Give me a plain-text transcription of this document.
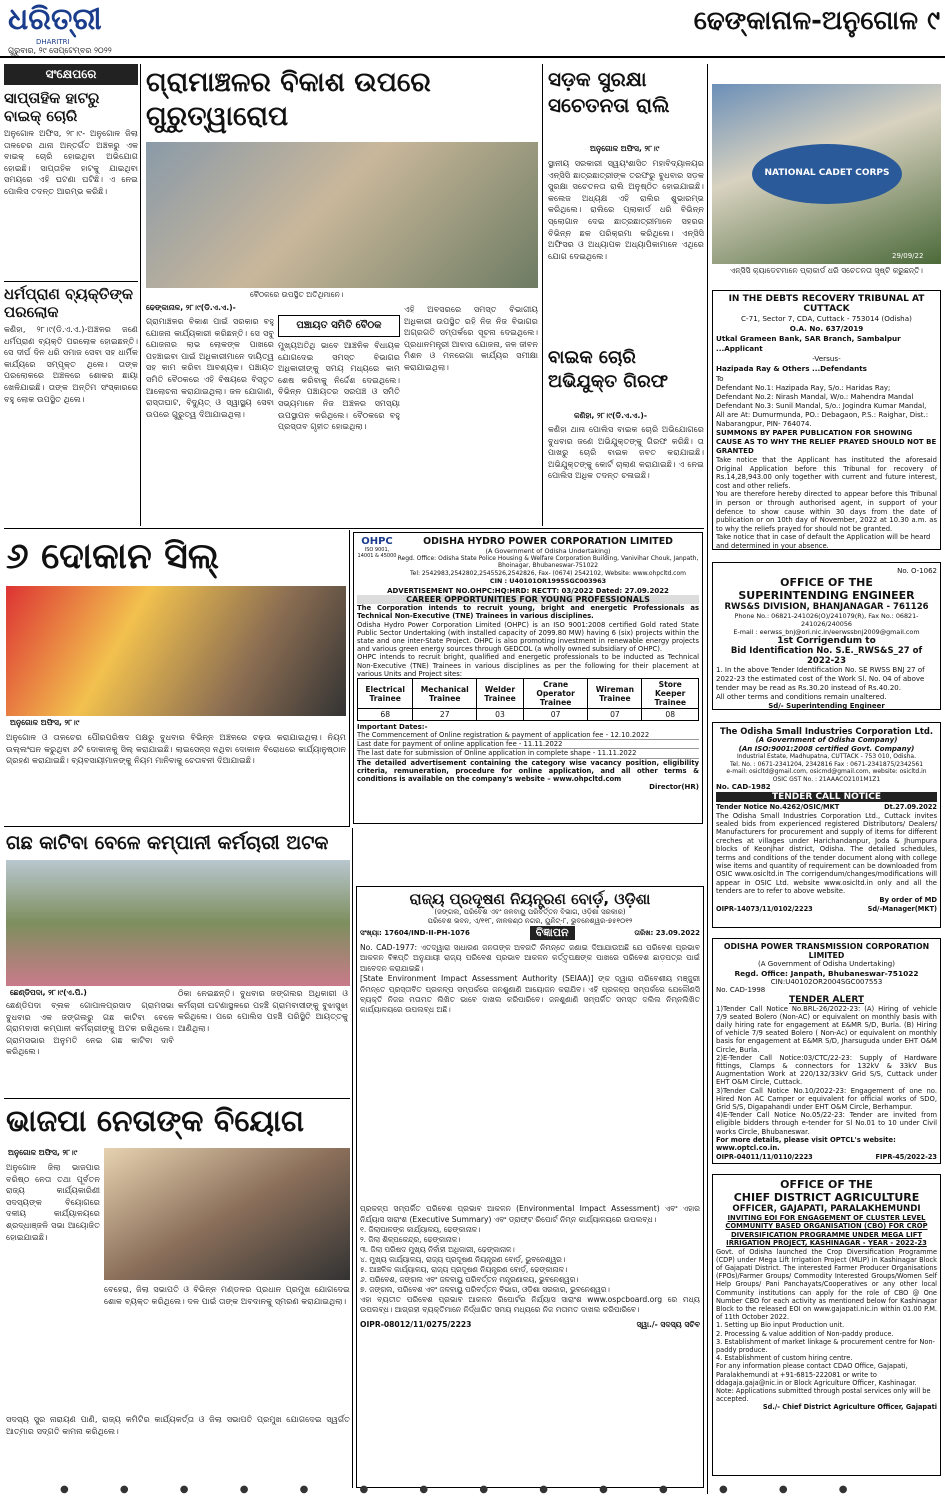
ଧରିତ୍ରୀ
DHARITRI
ଗୁରୁବାର, ୨୯ ସେପ୍ଟେମ୍ବର ୨୦୨୨
ଢେଙ୍କାନାଳ-ଅନୁଗୋଳ ୯
ସଂକ୍ଷେପରେ
ସାପ୍ତାହିକ ହାଟରୁ ବାଇକ୍ ଚୋରି
ଅନୁଗୋଳ ଅଫିସ, ୨୮।୯- ଅନୁଗୋଳ ଜିଲା ତାଳଚେର ଥାନା ଅନ୍ତର୍ଗତ ଅଞ୍ଚଳରୁ ଏକ ବାଇକ୍ ଚୋରି ହୋଇଥିବା ଅଭିଯୋଗ ହୋଇଛି। ସାପ୍ତାହିକ ହାଟକୁ ଯାଇଥିବା ସମୟରେ ଏହି ଘଟଣା ଘଟିଛି। ଏ ନେଇ ପୋଲିସ ତଦନ୍ତ ଆରମ୍ଭ କରିଛି।
ଧର୍ମପ୍ରାଣ ବ୍ୟକ୍ତିଙ୍କ ପରଲୋକ
କଣିହା, ୨୮।୯(ଡି.ଏ.ଏ.)-ଅଞ୍ଚଳର ଜଣେ ଧର୍ମପ୍ରାଣ ବ୍ୟକ୍ତି ପରଲୋକ ହୋଇଛନ୍ତି। ସେ ଦୀର୍ଘ ଦିନ ଧରି ସମାଜ ସେବା ସହ ଧାର୍ମିକ କାର୍ଯ୍ୟରେ ସମ୍ପୃକ୍ତ ଥିଲେ। ତାଙ୍କ ପରଲୋକରେ ଅଞ୍ଚଳରେ ଶୋକର ଛାୟା ଖେଳିଯାଇଛି। ତାଙ୍କ ଅନ୍ତିମ ସଂସ୍କାରରେ ବହୁ ଲୋକ ଉପସ୍ଥିତ ଥିଲେ।
ଗ୍ରାମାଞ୍ଚଳର ବିକାଶ ଉପରେ ଗୁରୁତ୍ୱାରୋପ
ବୈଠକରେ ଉପସ୍ଥିତ ଅତିଥିମାନେ।
ଢେଙ୍କାନାଳ, ୨୮।୯(ଡି.ଏ.ଏ.)-
ଗ୍ରାମାଞ୍ଚଳର ବିକାଶ ପାଇଁ ସରକାର ବହୁ ଯୋଜନା କାର୍ଯ୍ୟକାରୀ କରିଛନ୍ତି। ସେ ସବୁ ଯୋଜନାର ଲାଭ ଲୋକଙ୍କ ପାଖରେ ପହଞ୍ଚାଇବା ପାଇଁ ଅଧିକାରୀମାନେ ଦାୟିତ୍ୱ ସହ କାମ କରିବା ଆବଶ୍ୟକ। ପଞ୍ଚାୟତ ସମିତି ବୈଠକରେ ଏହି ବିଷୟରେ ବିସ୍ତୃତ ଆଲୋଚନା କରାଯାଇଥିଲା। ଜଳ ଯୋଗାଣ, ରାସ୍ତାଘାଟ, ବିଦ୍ୟୁତ୍ ଓ ସ୍ୱାସ୍ଥ୍ୟ ସେବା ଉପରେ ଗୁରୁତ୍ୱ ଦିଆଯାଇଥିଲା।
ପଞ୍ଚାୟତ ସମିତି ବୈଠକ
ମୁଖ୍ୟଅତିଥି ଭାବେ ଆଞ୍ଚଳିକ ବିଧାୟକ ଯୋଗଦେଇ ସମସ୍ତ ବିଭାଗର ଅଧିକାରୀଙ୍କୁ ସମୟ ମଧ୍ୟରେ କାମ ଶେଷ କରିବାକୁ ନିର୍ଦ୍ଦେଶ ଦେଇଥିଲେ। ବିଭିନ୍ନ ପଞ୍ଚାୟତର ସରପଞ୍ଚ ଓ ସମିତି ସଭ୍ୟମାନେ ନିଜ ଅଞ୍ଚଳର ସମସ୍ୟା ଉପସ୍ଥାପନ କରିଥିଲେ। ବୈଠକରେ ବହୁ ପ୍ରସ୍ତାବ ଗୃହୀତ ହୋଇଥିଲା।
ଏହି ଅବସରରେ ସମସ୍ତ ବିଭାଗୀୟ ଅଧିକାରୀ ଉପସ୍ଥିତ ରହି ନିଜ ନିଜ ବିଭାଗର ଅଗ୍ରଗତି ସମ୍ପର୍କରେ ସୂଚନା ଦେଇଥିଲେ। ପ୍ରଧାନମନ୍ତ୍ରୀ ଆବାସ ଯୋଜନା, ଜଳ ଜୀବନ ମିଶନ ଓ ମନରେଗା କାର୍ଯ୍ୟର ସମୀକ୍ଷା କରାଯାଇଥିଲା।
ସଡ଼କ ସୁରକ୍ଷା ସଚେତନତା ରାଲି
ଅନୁଗୋଳ ଅଫିସ, ୨୮।୯
ସ୍ଥାନୀୟ ସରକାରୀ ସ୍ୱୟଂଶାସିତ ମହାବିଦ୍ୟାଳୟର ଏନ୍‌ସିସି ଛାତ୍ରଛାତ୍ରୀଙ୍କ ତରଫରୁ ବୁଧବାର ସଡ଼କ ସୁରକ୍ଷା ସଚେତନତା ରାଲି ଅନୁଷ୍ଠିତ ହୋଇଯାଇଛି। କଲେଜ ଅଧ୍ୟକ୍ଷ ଏହି ରାଲିର ଶୁଭାରମ୍ଭ କରିଥିଲେ। ରାଲିରେ ପ୍ଲାକାର୍ଡ ଧରି ବିଭିନ୍ନ ସ୍ଲୋଗାନ ଦେଇ ଛାତ୍ରଛାତ୍ରୀମାନେ ସହରର ବିଭିନ୍ନ ଛକ ପରିକ୍ରମା କରିଥିଲେ। ଏନ୍‌ସିସି ଅଫିସର ଓ ଅଧ୍ୟାପକ ଅଧ୍ୟାପିକାମାନେ ଏଥିରେ ଯୋଗ ଦେଇଥିଲେ।
ବାଇକ ଚୋରି ଅଭିଯୁକ୍ତ ଗିରଫ
କଣିହା, ୨୮।୯(ଡି.ଏ.ଏ.)-
କଣିହା ଥାନା ପୋଲିସ ବାଇକ ଚୋରି ଅଭିଯୋଗରେ ବୁଧବାର ଜଣେ ଅଭିଯୁକ୍ତଙ୍କୁ ଗିରଫ କରିଛି। ତା ପାଖରୁ ଚୋରି ବାଇକ ଜବତ କରାଯାଇଛି। ଅଭିଯୁକ୍ତଙ୍କୁ କୋର୍ଟ ଚାଲାଣ କରାଯାଇଛି। ଏ ନେଇ ପୋଲିସ ଅଧିକ ତଦନ୍ତ ଚଳାଇଛି।
NATIONAL CADET CORPS
29/09/22
ଏନ୍‌ସିସି କ୍ୟାଡେଟମାନେ ପ୍ଲାକାର୍ଡ ଧରି ସଚେତନତା ସୃଷ୍ଟି କରୁଛନ୍ତି।
IN THE DEBTS RECOVERY TRIBUNAL AT CUTTACK
C-71, Sector 7, CDA, Cuttack - 753014 (Odisha)
O.A. No. 637/2019
Utkal Grameen Bank, SAR Branch, Sambalpur ...Applicant
-Versus-
Hazipada Ray & Others ...Defendants
To
Defendant No.1: Hazipada Ray, S/o.: Haridas Ray;
Defendant No.2: Nirash Mandal, W/o.: Mahendra Mandal
Defendant No.3: Sunil Mandal, S/o.: Jogindra Kumar Mandal, All are At: Dumurmunda, PO.: Debagaon, P.S.: Raighar, Dist.: Nabarangpur, PIN- 764074.
SUMMONS BY PAPER PUBLICATION FOR SHOWING CAUSE AS TO WHY THE RELIEF PRAYED SHOULD NOT BE GRANTED
Take notice that the Applicant has instituted the aforesaid Original Application before this Tribunal for recovery of Rs.14,28,943.00 only together with current and future interest, cost and other reliefs.
You are therefore hereby directed to appear before this Tribunal in person or through authorised agent, in support of your defence to show cause within 30 days from the date of publication or on 10th day of November, 2022 at 10.30 a.m. as to why the reliefs prayed for should not be granted.
Take notice that in case of default the Application will be heard and determined in your absence.
No. O-1062
OFFICE OF THE
SUPERINTENDING ENGINEER
RWS&S DIVISION, BHANJANAGAR - 761126
Phone No.: 06821-241026(O)/241079(R), Fax No.: 06821-241026/240056
E-mail : eerwss_bnj@ori.nic.in/eerwssbnj2009@gmail.com
1st Corrigendum to
Bid Identification No. S.E._RWS&S_27 of 2022-23
1. In the above Tender Identification No. SE RWSS BNJ 27 of 2022-23 the estimated cost of the Work Sl. No. 04 of above tender may be read as Rs.30.20 instead of Rs.40.20.
All other terms and conditions remain unaltered.
Sd/- Superintending Engineer
The Odisha Small Industries Corporation Ltd.
(A Government of Odisha Company)
(An ISO:9001:2008 certified Govt. Company)
Industrial Estate, Madhupatna, CUTTACK - 753 010, Odisha.
Tel. No. : 0671-2341204, 2342816 Fax : 0671-2341875/2342561
e-mail: osicltd@gmail.com, osicmd@gmail.com, website: osicltd.in
OSIC GST No. : 21AAACO2101M1Z1
No. CAD-1982
TENDER CALL NOTICE
Tender Notice No.4262/OSIC/MKT	Dt.27.09.2022
The Odisha Small Industries Corporation Ltd., Cuttack invites sealed bids from experienced registered Distributors/ Dealers/ Manufacturers for procurement and supply of items for different creches at villages under Harichandanpur, Joda & Jhumpura blocks of Keonjhar district, Odisha. The detailed schedules, terms and conditions of the tender document along with college wise items and quantity of requirement can be downloaded from OSIC www.osicltd.in The corrigendum/changes/modifications will appear in OSIC Ltd. website www.osicltd.in only and all the tenders are to refer to above website.
By order of MD
OIPR-14073/11/0102/2223	Sd/-Manager(MKT)
ODISHA POWER TRANSMISSION CORPORATION LIMITED
(A Government of Odisha Undertaking)
Regd. Office: Janpath, Bhubaneswar-751022
CIN:U40102OR2004SGC007553
No. CAD-1998
TENDER ALERT
1)Tender Call Notice No.BRL-26/2022-23: (A) Hiring of vehicle 7/9 seated Bolero (Non-AC) or equivalent on monthly basis with daily hiring rate for engagement at E&MR S/D, Burla. (B) Hiring of vehicle 7/9 seated Bolero ( Non-Ac) or equivalent on monthly basis for engagement at E&MR S/D, Jharsuguda under EHT O&M Circle, Burla.
2)E-Tender Call Notice:03/CTC/22-23: Supply of Hardware fittings, Clamps & connectors for 132kV & 33kV Bus Augmentation Work at 220/132/33kV Grid S/S, Cuttack under EHT O&M Circle, Cuttack.
3)Tender Call Notice No.10/2022-23: Engagement of one no. Hired Non AC Camper or equivalent for official works of SDO, Grid S/S, Digapahandi under EHT O&M Circle, Berhampur.
4)E-Tender Call Notice No.05/22-23: Tender are invited from eligible bidders through e-tender for Sl No.01 to 10 under Civil works Circle, Bhubaneswar.
For more details, please visit OPTCL's website: www.optcl.co.in.
OIPR-04011/11/0110/2223	FIPR-45/2022-23
OFFICE OF THE
CHIEF DISTRICT AGRICULTURE
OFFICER, GAJAPATI, PARALAKHEMUNDI
INVITING EOI FOR ENGAGEMENT OF CLUSTER LEVEL COMMUNITY BASED ORGANISATION (CBO) FOR CROP DIVERSIFICATION PROGRAMME UNDER MEGA LIFT IRRIGATION PROJECT, KASHINAGAR - YEAR - 2022-23
Govt. of Odisha launched the Crop Diversification Programme (CDP) under Mega Lift Irrigation Project (MLIP) in Kashinagar Block of Gajapati District. The interested Farmer Producer Organisations (FPOs)/Farmer Groups/ Commodity Interested Groups/Women Self Help Groups/ Pani Panchayats/Cooperatives or any other local Community institutions can apply for the role of CBO @ One Number CBO for each activity as mentioned below for Kashinagar Block to the released EOI on www.gajapati.nic.in within 01.00 P.M. of 11th October 2022.
1. Setting up Bio input Production unit.
2. Processing & value addition of Non-paddy produce.
3. Establishment of market linkage & procurement centre for Non-paddy produce.
4. Establishment of custom hiring centre.
For any information please contact CDAO Office, Gajapati, Paralakhemundi at +91-6815-222081 or write to ddagaja.gaja@nic.in or Block Agriculture Officer, Kashinagar.
Note: Applications submitted through postal services only will be accepted.
Sd./- Chief District Agriculture Officer, Gajapati
୬ ଦୋକାନ ସିଲ୍
ଅନୁଗୋଳ ଅଫିସ, ୨୮।୯
ଅନୁଗୋଳ ଓ ତାଳଚେର ପୌରପରିଷଦ ପକ୍ଷରୁ ବୁଧବାର ବିଭିନ୍ନ ଅଞ୍ଚଳରେ ଚଢ଼ଉ କରାଯାଇଥିଲା। ନିୟମ ଉଲ୍ଲଂଘନ କରୁଥିବା ୬ଟି ଦୋକାନକୁ ସିଲ୍ କରାଯାଇଛି। ଲାଇସେନ୍ସ ନଥିବା ଦୋକାନ ବିରୋଧରେ କାର୍ଯ୍ୟାନୁଷ୍ଠାନ ଗ୍ରହଣ କରାଯାଇଛି। ବ୍ୟବସାୟୀମାନଙ୍କୁ ନିୟମ ମାନିବାକୁ ଚେତାବନୀ ଦିଆଯାଇଛି।
OHPC
ISO 9001, 14001 & 45000
ODISHA HYDRO POWER CORPORATION LIMITED
(A Government of Odisha Undertaking)
Regd. Office: Odisha State Police Housing & Welfare Corporation Building, Vanivihar Chouk, Janpath, Bhoinagar, Bhubaneswar-751022
Tel: 2542983,2542802,2545526,2542826, Fax- (0674) 2542102, Website: www.ohpcltd.com
CIN : U40101OR1995SGC003963
ADVERTISEMENT NO.OHPC:HQ:HRD: RECTT: 03/2022 Dated: 27.09.2022
CAREER OPPORTUNITIES FOR YOUNG PROFESSIONALS
The Corporation intends to recruit young, bright and energetic Professionals as Technical Non-Executive (TNE) Trainees in various disciplines.
Odisha Hydro Power Corporation Limited (OHPC) is an ISO 9001:2008 certified Gold rated State Public Sector Undertaking (with installed capacity of 2099.80 MW) having 6 (six) projects within the state and one inter-State Project. OHPC is also promoting investment in renewable energy projects and various green energy sources through GEDCOL (a wholly owned subsidiary of OHPC).
OHPC intends to recruit bright, qualified and energetic professionals to be inducted as Technical Non-Executive (TNE) Trainees in various disciplines as per the following for their placement at various Units and Project sites:
Electrical Trainee	Mechanical Trainee	Welder Trainee	Crane Operator Trainee	Wireman Trainee	Store Keeper Trainee
68	27	03	07	07	08
Important Dates:-
The Commencement of Online registration & payment of application fee - 12.10.2022
Last date for payment of online application fee - 11.11.2022
The last date for submission of Online application in complete shape - 11.11.2022
The detailed advertisement containing the category wise vacancy position, eligibility criteria, remuneration, procedure for online application, and all other terms & conditions is available on the company's website – www.ohpcltd.com
Director(HR)
ଗଛ କାଟିବା ବେଳେ କମ୍ପାନୀ କର୍ମଚାରୀ ଅଟକ
ଛେଣ୍ଡିପଦା, ୨୮।୯(ଏ.ପି.)
ଛେଣ୍ଡିପଦା ବ୍ଲକ ଗୋପାଳପ୍ରସାଦ ଗ୍ରାମସଭା ବୁଧବାର ଏକ ଜଙ୍ଗଲରୁ ଗଛ କାଟିବା ବେଳେ ଗ୍ରାମବାସୀ କମ୍ପାନୀ କର୍ମଚାରୀଙ୍କୁ ଅଟକ ରଖିଥିଲେ। ଗ୍ରାମସଭାର ଅନୁମତି ନେଇ ଗଛ କାଟିବା ଦାବି କରିଥିଲେ।
ଠିକା ନେଇଛନ୍ତି। ବୁଧବାର ଜଙ୍ଗଲର ଅଧିକାରୀ ଓ କର୍ମଚାରୀ ଘଟଣାସ୍ଥଳରେ ପହଞ୍ଚି ଗ୍ରାମବାସୀଙ୍କୁ ବୁଝାସୁଝା କରିଥିଲେ। ପରେ ପୋଲିସ ପହଞ୍ଚି ପରିସ୍ଥିତି ଆୟତ୍ତକୁ ଆଣିଥିଲା।
ଭାଜପା ନେତାଙ୍କ ବିୟୋଗ
ଅନୁଗୋଳ ଅଫିସ, ୨୮।୯
ଅନୁଗୋଳ ଜିଲା ଭାଜପାର ବରିଷ୍ଠ ନେତା ତଥା ପୂର୍ବତନ ରାଜ୍ୟ କାର୍ଯ୍ୟକାରିଣୀ ସଦସ୍ୟଙ୍କ ବିୟୋଗରେ ଦଳୀୟ କାର୍ଯ୍ୟାଳୟରେ ଶ୍ରଦ୍ଧାଞ୍ଜଳି ସଭା ଆୟୋଜିତ ହୋଇଯାଇଛି।
ସଦସ୍ୟ ସୁର ନାରାୟଣ ପାଣି, ରାଜ୍ୟ କମିଟିର କାର୍ଯ୍ୟକର୍ତ୍ତା ଓ ଜିଲା ସଭାପତି ପ୍ରମୁଖ ଯୋଗଦେଇ ସ୍ୱର୍ଗତ ଆତ୍ମାର ସଦ୍‌ଗତି କାମନା କରିଥିଲେ।
ବେହେରା, ଜିଲା ସଭାପତି ଓ ବିଭିନ୍ନ ମଣ୍ଡଳର ପ୍ରଧାନ ପ୍ରମୁଖ ଯୋଗଦେଇ ଶୋକ ବ୍ୟକ୍ତ କରିଥିଲେ। ଦଳ ପାଇଁ ତାଙ୍କ ଅବଦାନକୁ ସ୍ମରଣ କରାଯାଇଥିଲା।
ରାଜ୍ୟ ପ୍ରଦୂଷଣ ନିୟନ୍ତ୍ରଣ ବୋର୍ଡ଼, ଓଡ଼ିଶା
(ଜଙ୍ଗଲ, ପରିବେଶ ଏବଂ ଜଳବାୟୁ ପରିବର୍ତ୍ତନ ବିଭାଗ, ଓଡ଼ିଶା ସରକାର)
ପରିବେଶ ଭବନ, ଏ/୧୧୮, ନୀଳକଣ୍ଠ ନଗର, ୟୁନିଟ୍-୮, ଭୁବନେଶ୍ୱର-୭୫୧୦୧୨
ସଂଖ୍ୟା: 17604/IND-II-PH-1076	ବିଜ୍ଞାପନ	ତାରିଖ: 23.09.2022
No. CAD-1977: ଏତଦ୍ୱାରା ସାଧାରଣ ଜନତାଙ୍କ ଅବଗତି ନିମନ୍ତେ ଜଣାଇ ଦିଆଯାଉଅଛି ଯେ ପରିବେଶ ପ୍ରଭାବ ଆକଳନ ବିଜ୍ଞପ୍ତି ଅନୁଯାୟୀ ରାଜ୍ୟ ପରିବେଶ ପ୍ରଭାବ ଆକଳନ କର୍ତ୍ତୃପକ୍ଷଙ୍କ ପାଖରେ ପରିବେଶ ଛାଡ଼ପତ୍ର ପାଇଁ ଆବେଦନ କରାଯାଇଛି।
[State Environment Impact Assessment Authority (SEIAA)] ଙ୍କ ଦ୍ୱାରା ପରିବେଶୀୟ ମଞ୍ଜୁରୀ ନିମନ୍ତେ ପ୍ରସ୍ତାବିତ ପ୍ରକଳ୍ପ ସମ୍ପର୍କରେ ଜନଶୁଣାଣି ଆୟୋଜନ କରାଯିବ। ଏହି ପ୍ରକଳ୍ପ ସମ୍ପର୍କରେ ଯେକୌଣସି ବ୍ୟକ୍ତି ନିଜର ମତାମତ ଲିଖିତ ଭାବେ ଦାଖଲ କରିପାରିବେ। ଜନଶୁଣାଣି ସମ୍ପର୍କିତ ସମସ୍ତ ଦଲିଲ ନିମ୍ନଲିଖିତ କାର୍ଯ୍ୟାଳୟରେ ଉପଲବ୍ଧ ଅଛି।
ପ୍ରକଳ୍ପ ସମ୍ପର୍କିତ ପରିବେଶ ପ୍ରଭାବ ଆକଳନ (Environmental Impact Assessment) ଏବଂ ଏହାର ନିର୍ଯ୍ୟାସ ସାରାଂଶ (Executive Summary) ଏବଂ ଡ୍ରାଫ୍ଟ ରିପୋର୍ଟ ନିମ୍ନ କାର୍ଯ୍ୟାଳୟରେ ଉପଲବ୍ଧ।
୧. ଜିଲାପାଳଙ୍କ କାର୍ଯ୍ୟାଳୟ, ଢେଙ୍କାନାଳ।
୨. ଜିଲା ଶିଳ୍ପକେନ୍ଦ୍ର, ଢେଙ୍କାନାଳ।
୩. ଜିଲା ପରିଷଦ ମୁଖ୍ୟ ନିର୍ବାହୀ ଅଧିକାରୀ, ଢେଙ୍କାନାଳ।
୪. ମୁଖ୍ୟ କାର୍ଯ୍ୟାଳୟ, ରାଜ୍ୟ ପ୍ରଦୂଷଣ ନିୟନ୍ତ୍ରଣ ବୋର୍ଡ଼, ଭୁବନେଶ୍ୱର।
୫. ଆଞ୍ଚଳିକ କାର୍ଯ୍ୟାଳୟ, ରାଜ୍ୟ ପ୍ରଦୂଷଣ ନିୟନ୍ତ୍ରଣ ବୋର୍ଡ଼, ଢେଙ୍କାନାଳ।
୬. ପରିବେଶ, ଜଙ୍ଗଲ ଏବଂ ଜଳବାୟୁ ପରିବର୍ତ୍ତନ ମନ୍ତ୍ରଣାଳୟ, ଭୁବନେଶ୍ୱର।
୭. ଜଙ୍ଗଲ, ପରିବେଶ ଏବଂ ଜଳବାୟୁ ପରିବର୍ତ୍ତନ ବିଭାଗ, ଓଡ଼ିଶା ସରକାର, ଭୁବନେଶ୍ୱର।
ଏହା ବ୍ୟତୀତ ପରିବେଶ ପ୍ରଭାବ ଆକଳନ ରିପୋର୍ଟର ନିର୍ଯ୍ୟାସ ସାରାଂଶ www.ospcboard.org ରେ ମଧ୍ୟ ଉପଲବ୍ଧ। ଆଗ୍ରହୀ ବ୍ୟକ୍ତିମାନେ ନିର୍ଦ୍ଧାରିତ ସମୟ ମଧ୍ୟରେ ନିଜ ମତାମତ ଦାଖଲ କରିପାରିବେ।
OIPR-08012/11/0275/2223	ସ୍ୱା./- ସଦସ୍ୟ ସଚିବ
● ● ● ● ● ● ● ● ● ● ● ● ● ●
